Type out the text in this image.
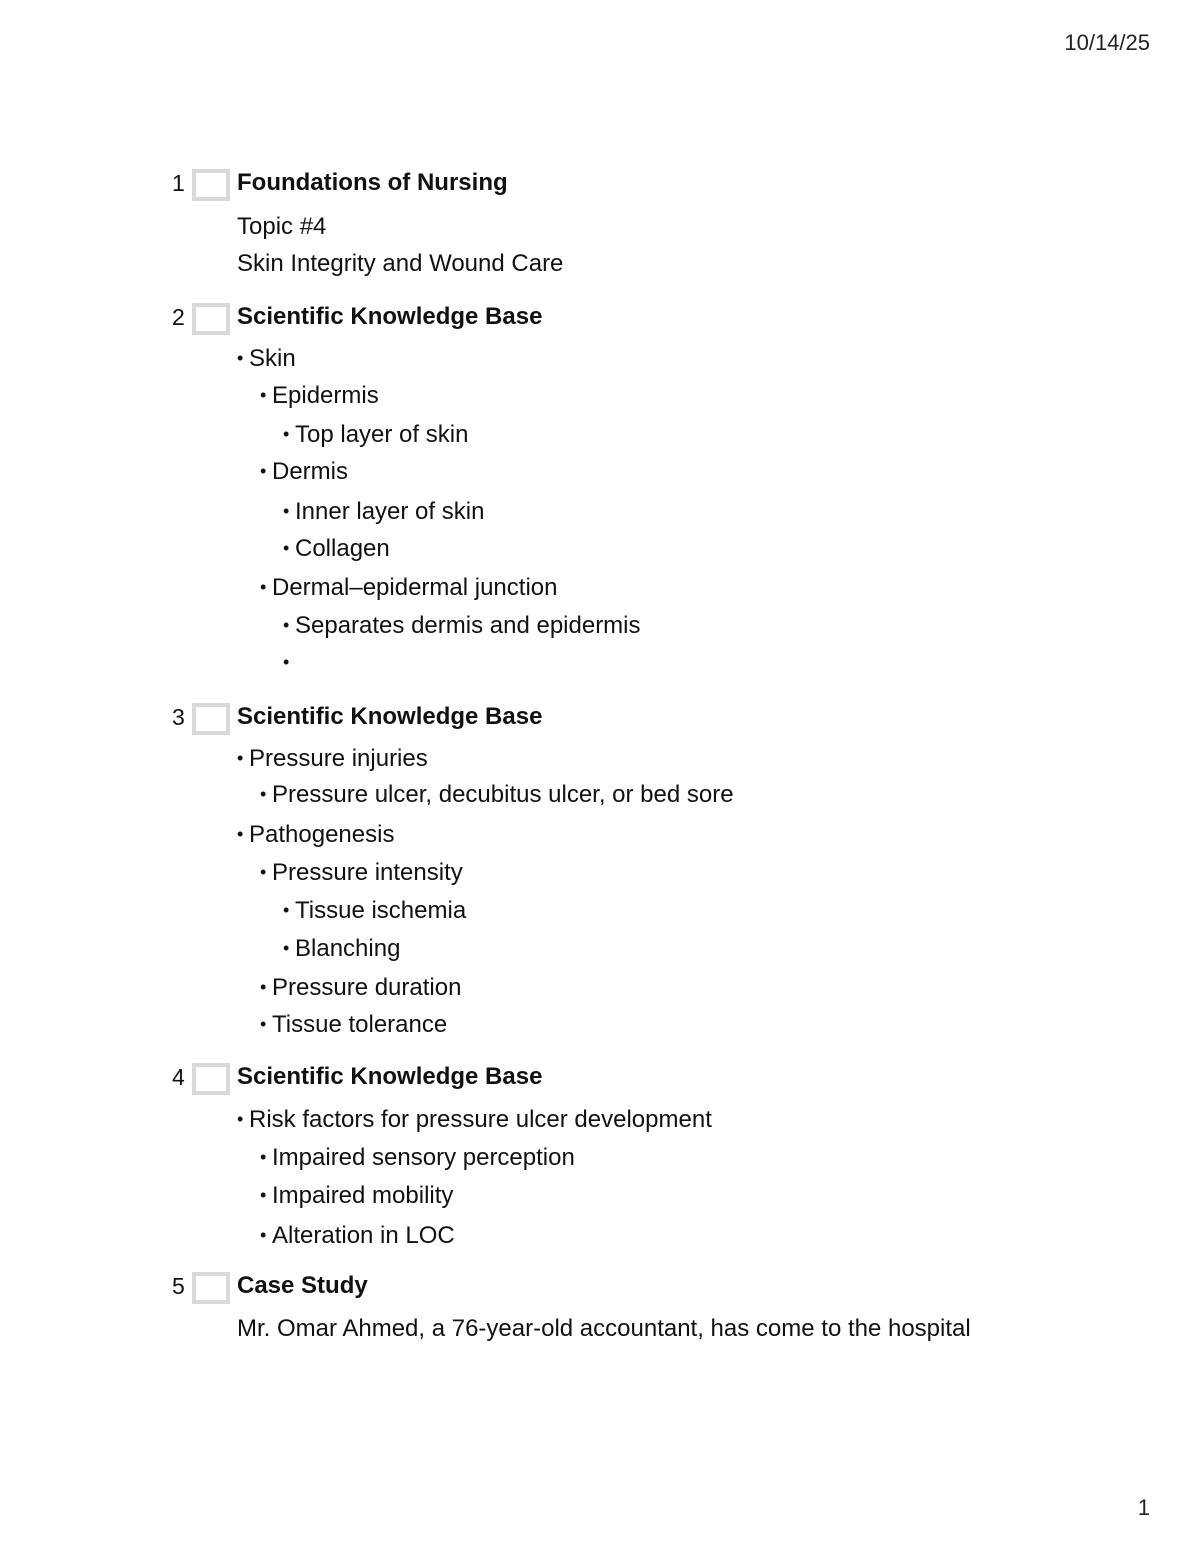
10/14/25
1 Foundations of Nursing
Topic #4
Skin Integrity and Wound Care
2 Scientific Knowledge Base
• Skin
• Epidermis
• Top layer of skin
• Dermis
• Inner layer of skin
• Collagen
• Dermal–epidermal junction
• Separates dermis and epidermis
•
3 Scientific Knowledge Base
• Pressure injuries
• Pressure ulcer, decubitus ulcer, or bed sore
• Pathogenesis
• Pressure intensity
• Tissue ischemia
• Blanching
• Pressure duration
• Tissue tolerance
4 Scientific Knowledge Base
• Risk factors for pressure ulcer development
• Impaired sensory perception
• Impaired mobility
• Alteration in LOC
5 Case Study
Mr. Omar Ahmed, a 76-year-old accountant, has come to the hospital
1
